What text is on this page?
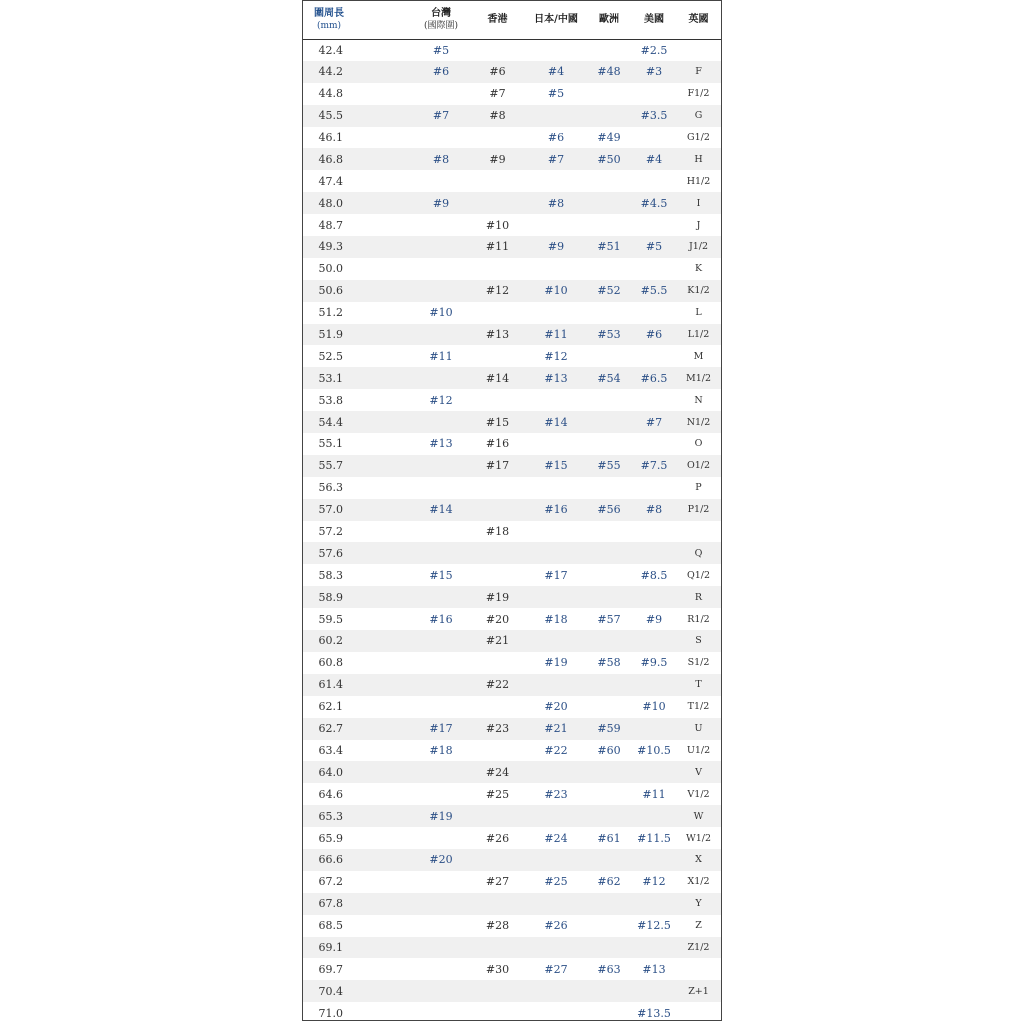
圍周長
(mm)		台灣
(國際圍)	香港	日本/中國	歐洲	美國	英國

42.4		#5				#2.5	
44.2		#6	#6	#4	#48	#3	F
44.8			#7	#5			F1/2
45.5		#7	#8			#3.5	G
46.1				#6	#49		G1/2
46.8		#8	#9	#7	#50	#4	H
47.4							H1/2
48.0		#9		#8		#4.5	I
48.7			#10				J
49.3			#11	#9	#51	#5	J1/2
50.0							K
50.6			#12	#10	#52	#5.5	K1/2
51.2		#10					L
51.9			#13	#11	#53	#6	L1/2
52.5		#11		#12			M
53.1			#14	#13	#54	#6.5	M1/2
53.8		#12					N
54.4			#15	#14		#7	N1/2
55.1		#13	#16				O
55.7			#17	#15	#55	#7.5	O1/2
56.3							P
57.0		#14		#16	#56	#8	P1/2
57.2			#18				
57.6							Q
58.3		#15		#17		#8.5	Q1/2
58.9			#19				R
59.5		#16	#20	#18	#57	#9	R1/2
60.2			#21				S
60.8				#19	#58	#9.5	S1/2
61.4			#22				T
62.1				#20		#10	T1/2
62.7		#17	#23	#21	#59		U
63.4		#18		#22	#60	#10.5	U1/2
64.0			#24				V
64.6			#25	#23		#11	V1/2
65.3		#19					W
65.9			#26	#24	#61	#11.5	W1/2
66.6		#20					X
67.2			#27	#25	#62	#12	X1/2
67.8							Y
68.5			#28	#26		#12.5	Z
69.1							Z1/2
69.7			#30	#27	#63	#13	
70.4							Z+1
71.0						#13.5	
